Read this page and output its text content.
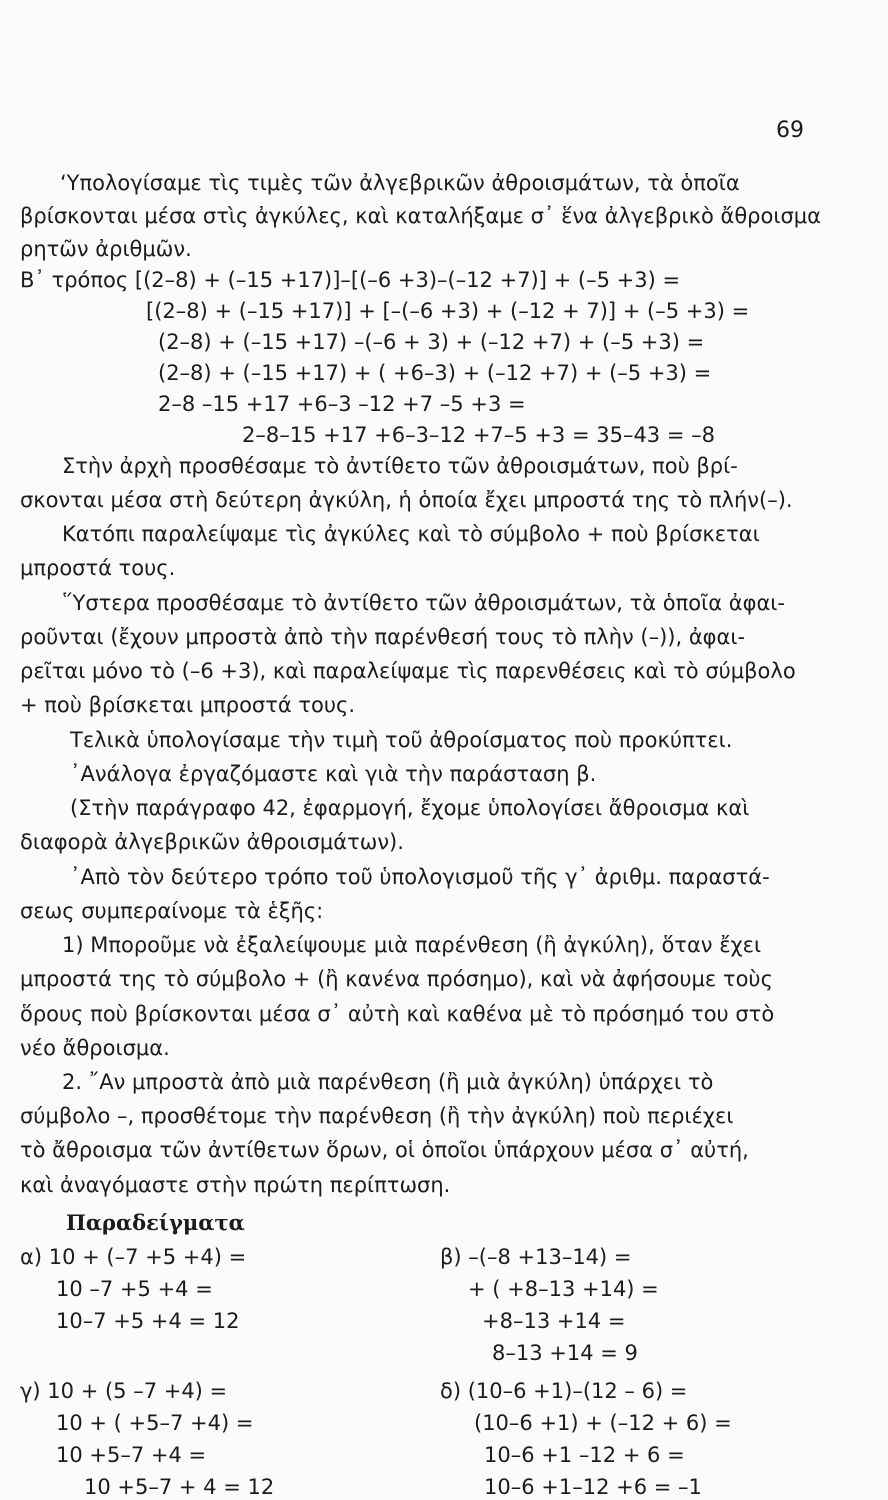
69
‘Υπολογίσαμε τὶς τιμὲς τῶν ἀλγεβρικῶν ἀθροισμάτων, τὰ ὁποῖα
βρίσκονται μέσα στὶς ἀγκύλες, καὶ καταλήξαμε σ᾽ ἕνα ἀλγεβρικὸ ἄθροισμα
ρητῶν ἀριθμῶν.
Β᾽ τρόπος [(2–8) + (–15 +17)]–[(–6 +3)–(–12 +7)] + (–5 +3) =
[(2–8) + (–15 +17)] + [–(–6 +3) + (–12 + 7)] + (–5 +3) =
(2–8) + (–15 +17) –(–6 + 3) + (–12 +7) + (–5 +3) =
(2–8) + (–15 +17) + ( +6–3) + (–12 +7) + (–5 +3) =
2–8 –15 +17 +6–3 –12 +7 –5 +3 =
2–8–15 +17 +6–3–12 +7–5 +3 = 35–43 = –8
Στὴν ἀρχὴ προσθέσαμε τὸ ἀντίθετο τῶν ἀθροισμάτων, ποὺ βρί-
σκονται μέσα στὴ δεύτερη ἀγκύλη, ἡ ὁποία ἔχει μπροστά της τὸ πλήν(–).
Κατόπι παραλείψαμε τὶς ἀγκύλες καὶ τὸ σύμβολο + ποὺ βρίσκεται
μπροστά τους.
῞Υστερα προσθέσαμε τὸ ἀντίθετο τῶν ἀθροισμάτων, τὰ ὁποῖα ἀφαι-
ροῦνται (ἔχουν μπροστὰ ἀπὸ τὴν παρένθεσή τους τὸ πλὴν (–)), ἀφαι-
ρεῖται μόνο τὸ (–6 +3), καὶ παραλείψαμε τὶς παρενθέσεις καὶ τὸ σύμβολο
+ ποὺ βρίσκεται μπροστά τους.
Τελικὰ ὑπολογίσαμε τὴν τιμὴ τοῦ ἀθροίσματος ποὺ προκύπτει.
᾽Ανάλογα ἐργαζόμαστε καὶ γιὰ τὴν παράσταση β.
(Στὴν παράγραφο 42, ἐφαρμογή, ἔχομε ὑπολογίσει ἄθροισμα καὶ
διαφορὰ ἀλγεβρικῶν ἀθροισμάτων).
᾽Απὸ τὸν δεύτερο τρόπο τοῦ ὑπολογισμοῦ τῆς γ᾽ ἀριθμ. παραστά-
σεως συμπεραίνομε τὰ ἑξῆς:
1) Μποροῦμε νὰ ἐξαλείψουμε μιὰ παρένθεση (ἢ ἀγκύλη), ὅταν ἔχει
μπροστά της τὸ σύμβολο + (ἢ κανένα πρόσημο), καὶ νὰ ἀφήσουμε τοὺς
ὅρους ποὺ βρίσκονται μέσα σ᾽ αὐτὴ καὶ καθένα μὲ τὸ πρόσημό του στὸ
νέο ἄθροισμα.
2. ῎Αν μπροστὰ ἀπὸ μιὰ παρένθεση (ἢ μιὰ ἀγκύλη) ὑπάρχει τὸ
σύμβολο –, προσθέτομε τὴν παρένθεση (ἢ τὴν ἀγκύλη) ποὺ περιέχει
τὸ ἄθροισμα τῶν ἀντίθετων ὅρων, οἱ ὁποῖοι ὑπάρχουν μέσα σ᾽ αὐτή,
καὶ ἀναγόμαστε στὴν πρώτη περίπτωση.
Παραδείγματα
α) 10 + (–7 +5 +4) =
10 –7 +5 +4 =
10–7 +5 +4 = 12
β) –(–8 +13–14) =
+ ( +8–13 +14) =
+8–13 +14 =
8–13 +14 = 9
γ) 10 + (5 –7 +4) =
10 + ( +5–7 +4) =
10 +5–7 +4 =
10 +5–7 + 4 = 12
δ) (10–6 +1)–(12 – 6) =
(10–6 +1) + (–12 + 6) =
10–6 +1 –12 + 6 =
10–6 +1–12 +6 = –1
